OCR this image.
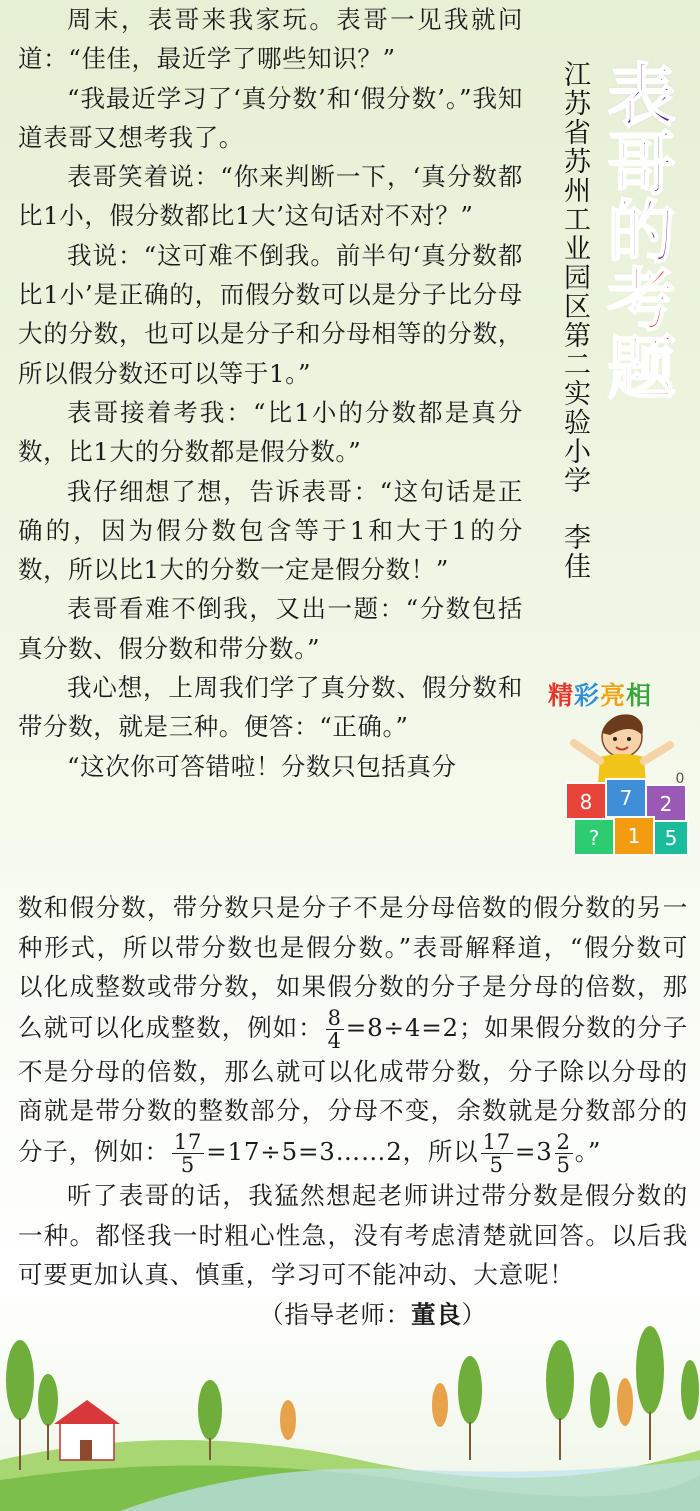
表哥的考题
江苏省苏州工业园区第二实验小学李佳

周末，表哥来我家玩。表哥一见我就问道：“佳佳，最近学了哪些知识？”

“我最近学习了‘真分数’和‘假分数’。”我知道表哥又想考我了。

表哥笑着说：“你来判断一下，‘真分数都比1小，假分数都比1大’这句话对不对？”

我说：“这可难不倒我。前半句‘真分数都比1小’是正确的，而假分数可以是分子比分母大的分数，也可以是分子和分母相等的分数，所以假分数还可以等于1。”

表哥接着考我：“比1小的分数都是真分数，比1大的分数都是假分数。”

我仔细想了想，告诉表哥：“这句话是正确的，因为假分数包含等于1和大于1的分数，所以比1大的分数一定是假分数！”

表哥看难不倒我，又出一题：“分数包括真分数、假分数和带分数。”

我心想，上周我们学了真分数、假分数和带分数，就是三种。便答：“正确。”

“这次你可答错啦！分数只包括真分

精彩亮相
8 7 2
? 1 5
0

数和假分数，带分数只是分子不是分母倍数的假分数的另一种形式，所以带分数也是假分数。”表哥解释道，“假分数可以化成整数或带分数，如果假分数的分子是分母的倍数，那么就可以化成整数，例如： $\frac{8}{4} =8\div 4=2$；如果假分数的分子不是分母的倍数，那么就可以化成带分数，分子除以分母的商就是带分数的整数部分，分母不变，余数就是分数部分的分子，例如： $\frac{17}{5}$ =17÷5=3……2，所以 $\frac{17}{5} =3 \frac{2}{5}$ 。”

听了表哥的话，我猛然想起老师讲过带分数是假分数的一种。都怪我一时粗心性急，没有考虑清楚就回答。以后我可要更加认真、慎重，学习可不能冲动、大意呢！

（指导老师：董良）
